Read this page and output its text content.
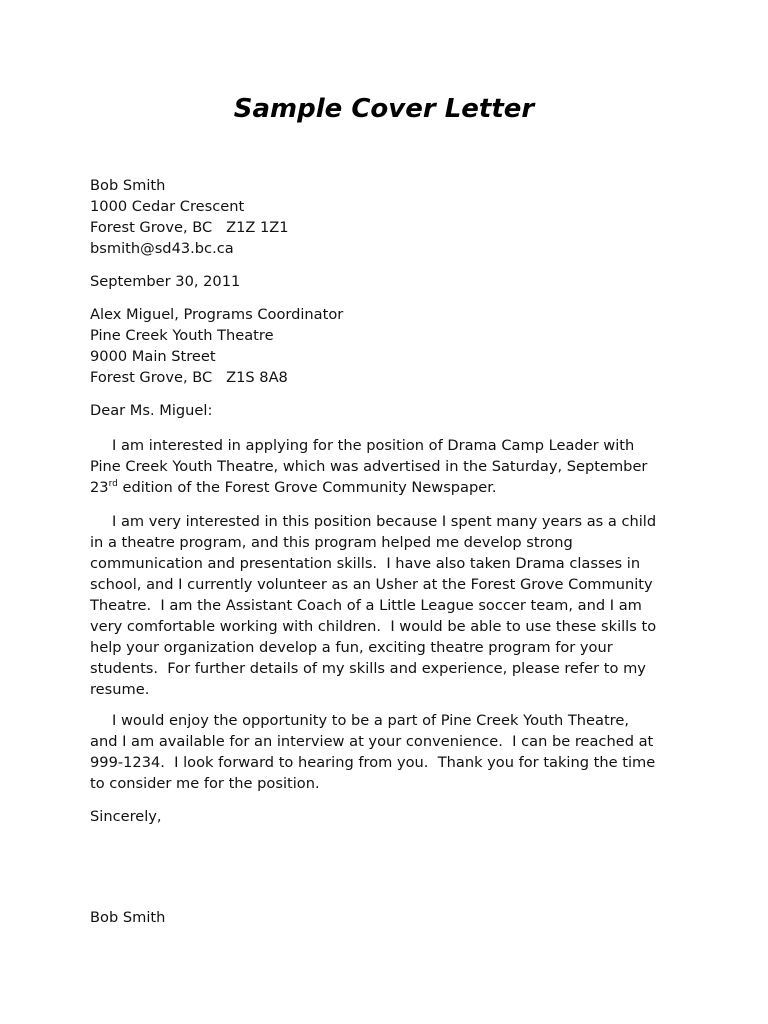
Sample Cover Letter
Bob Smith
1000 Cedar Crescent
Forest Grove, BC   Z1Z 1Z1
bsmith@sd43.bc.ca
September 30, 2011
Alex Miguel, Programs Coordinator
Pine Creek Youth Theatre
9000 Main Street
Forest Grove, BC   Z1S 8A8
Dear Ms. Miguel:
I am interested in applying for the position of Drama Camp Leader with
Pine Creek Youth Theatre, which was advertised in the Saturday, September
23rd edition of the Forest Grove Community Newspaper.
I am very interested in this position because I spent many years as a child
in a theatre program, and this program helped me develop strong
communication and presentation skills.  I have also taken Drama classes in
school, and I currently volunteer as an Usher at the Forest Grove Community
Theatre.  I am the Assistant Coach of a Little League soccer team, and I am
very comfortable working with children.  I would be able to use these skills to
help your organization develop a fun, exciting theatre program for your
students.  For further details of my skills and experience, please refer to my
resume.
I would enjoy the opportunity to be a part of Pine Creek Youth Theatre,
and I am available for an interview at your convenience.  I can be reached at
999-1234.  I look forward to hearing from you.  Thank you for taking the time
to consider me for the position.
Sincerely,
Bob Smith
